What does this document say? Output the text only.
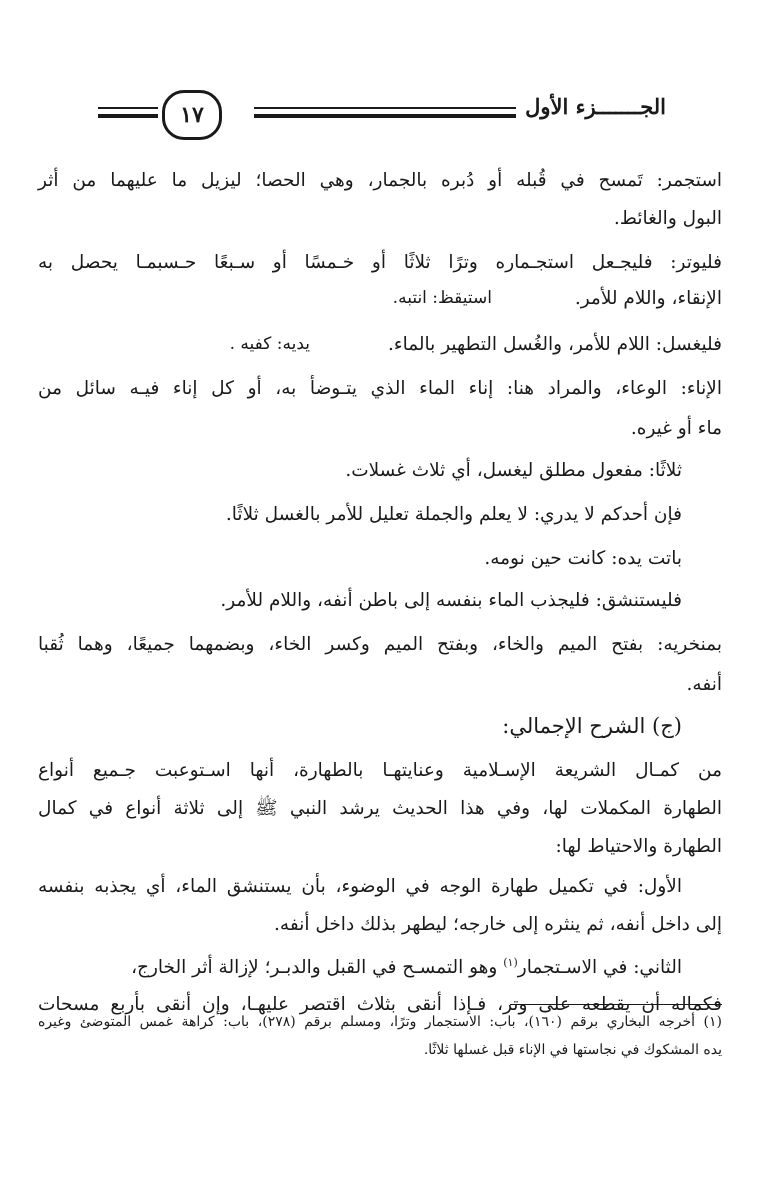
الجـــــــزء الأول
١٧
استجمر: تَمسح في قُبله أو دُبره بالجمار، وهي الحصا؛ ليزيل ما عليهما من أثر
البول والغائط.
فليوتر: فليجـعل استجـماره وترًا ثلاثًا أو خـمسًا أو سـبعًا حـسبمـا يحصل به
الإنقاء، واللام للأمر.
استيقظ: انتبه.
فليغسل: اللام للأمر، والغُسل التطهير بالماء.
يديه: كفيه .
الإناء: الوعاء، والمراد هنا: إناء الماء الذي يتـوضأ به، أو كل إناء فيـه سائل من
ماء أو غيره.
ثلاثًا: مفعول مطلق ليغسل، أي ثلاث غسلات.
فإن أحدكم لا يدري: لا يعلم والجملة تعليل للأمر بالغسل ثلاثًا.
باتت يده: كانت حين نومه.
فليستنشق: فليجذب الماء بنفسه إلى باطن أنفه، واللام للأمر.
بمنخريه: بفتح الميم والخاء، وبفتح الميم وكسر الخاء، وبضمهما جميعًا، وهما ثُقبا
أنفه.
(ج) الشرح الإجمالي:
من كمـال الشريعة الإسـلامية وعنايتهـا بالطهارة، أنها اسـتوعبت جـميع أنواع
الطهارة المكملات لها، وفي هذا الحديث يرشد النبي ﷺ إلى ثلاثة أنواع في كمال
الطهارة والاحتياط لها:
الأول: في تكميل طهارة الوجه في الوضوء، بأن يستنشق الماء، أي يجذبه بنفسه
إلى داخل أنفه، ثم ينثره إلى خارجه؛ ليطهر بذلك داخل أنفه.
الثاني: في الاسـتجمار$^{(١)}$ وهو التمسـح في القبل والدبـر؛ لإزالة أثر الخارج،
فكماله أن يقطعه على وتر، فـإذا أنقى بثلاث اقتصر عليهـا، وإن أنقى بأربع مسحات
(١) أخرجه البخاري برقم (١٦٠)، باب: الاستجمار وترًا، ومسلم برقم (٢٧٨)، باب: كراهة غمس المتوضئ وغيره
يده المشكوك في نجاستها في الإناء قبل غسلها ثلاثًا.
